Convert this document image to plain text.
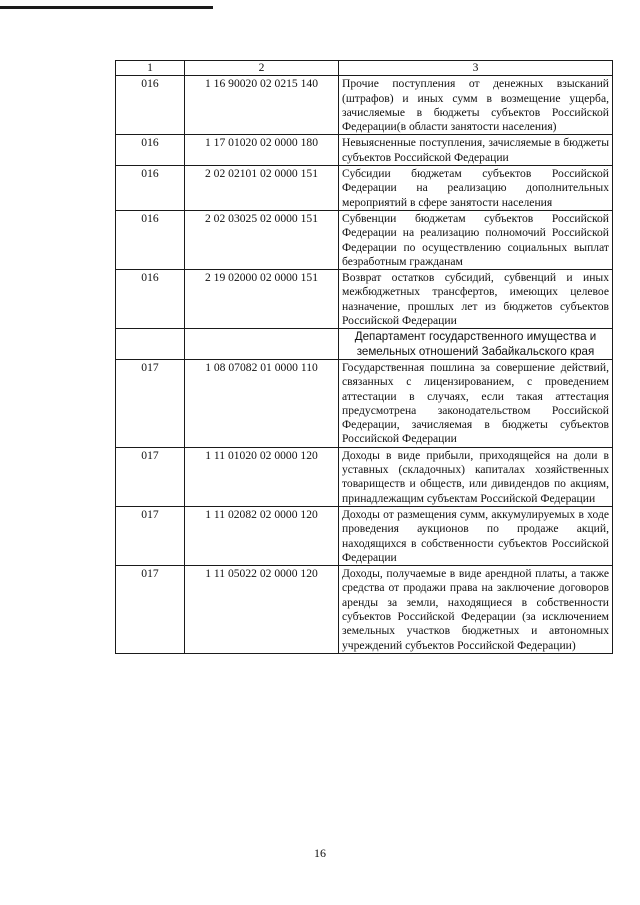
1	2	3
016	1 16 90020 02 0215 140	Прочие поступления от денежных взысканий (штрафов) и иных сумм в возмещение ущерба, зачисляемые в бюджеты субъектов Российской Федерации(в области занятости населения)
016	1 17 01020 02 0000 180	Невыясненные поступления, зачисляемые в бюджеты субъектов Российской Федерации
016	2 02 02101 02 0000 151	Субсидии бюджетам субъектов Российской Федерации на реализацию дополнительных мероприятий в сфере занятости населения
016	2 02 03025 02 0000 151	Субвенции бюджетам субъектов Российской Федерации на реализацию полномочий Российской Федерации по осуществлению социальных выплат безработным гражданам
016	2 19 02000 02 0000 151	Возврат остатков субсидий, субвенций и иных межбюджетных трансфертов, имеющих целевое назначение, прошлых лет из бюджетов субъектов Российской Федерации
		Департамент государственного имущества и земельных отношений Забайкальского края
017	1 08 07082 01 0000 110	Государственная пошлина за совершение действий, связанных с лицензированием, с проведением аттестации в случаях, если такая аттестация предусмотрена законодательством Российской Федерации, зачисляемая в бюджеты субъектов Российской Федерации
017	1 11 01020 02 0000 120	Доходы в виде прибыли, приходящейся на доли в уставных (складочных) капиталах хозяйственных товариществ и обществ, или дивидендов по акциям, принадлежащим субъектам Российской Федерации
017	1 11 02082 02 0000 120	Доходы от размещения сумм, аккумулируемых в ходе проведения аукционов по продаже акций, находящихся в собственности субъектов Российской Федерации
017	1 11 05022 02 0000 120	Доходы, получаемые в виде арендной платы, а также средства от продажи права на заключение договоров аренды за земли, находящиеся в собственности субъектов Российской Федерации (за исключением земельных участков бюджетных и автономных учреждений субъектов Российской Федерации)
16
